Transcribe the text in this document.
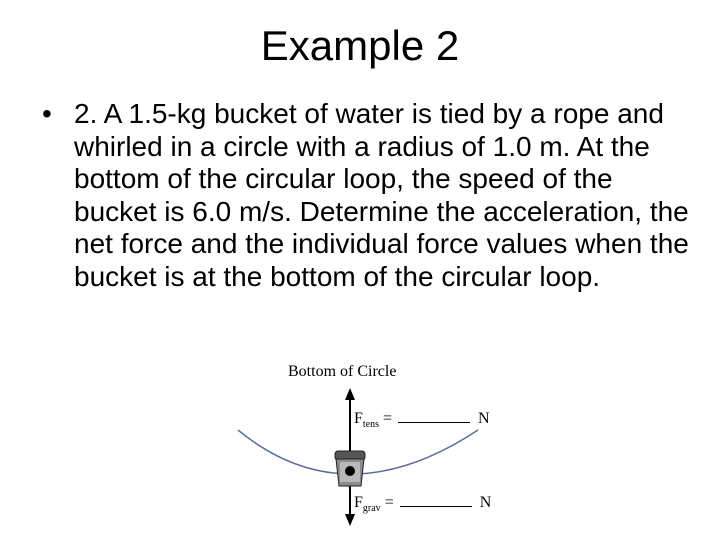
Example 2
• 2. A 1.5-kg bucket of water is tied by a rope and whirled in a circle with a radius of 1.0 m. At the bottom of the circular loop, the speed of the bucket is 6.0 m/s. Determine the acceleration, the net force and the individual force values when the bucket is at the bottom of the circular loop.
Bottom of Circle
$F_{tens}$ =	N
$F_{grav}$ =	N
